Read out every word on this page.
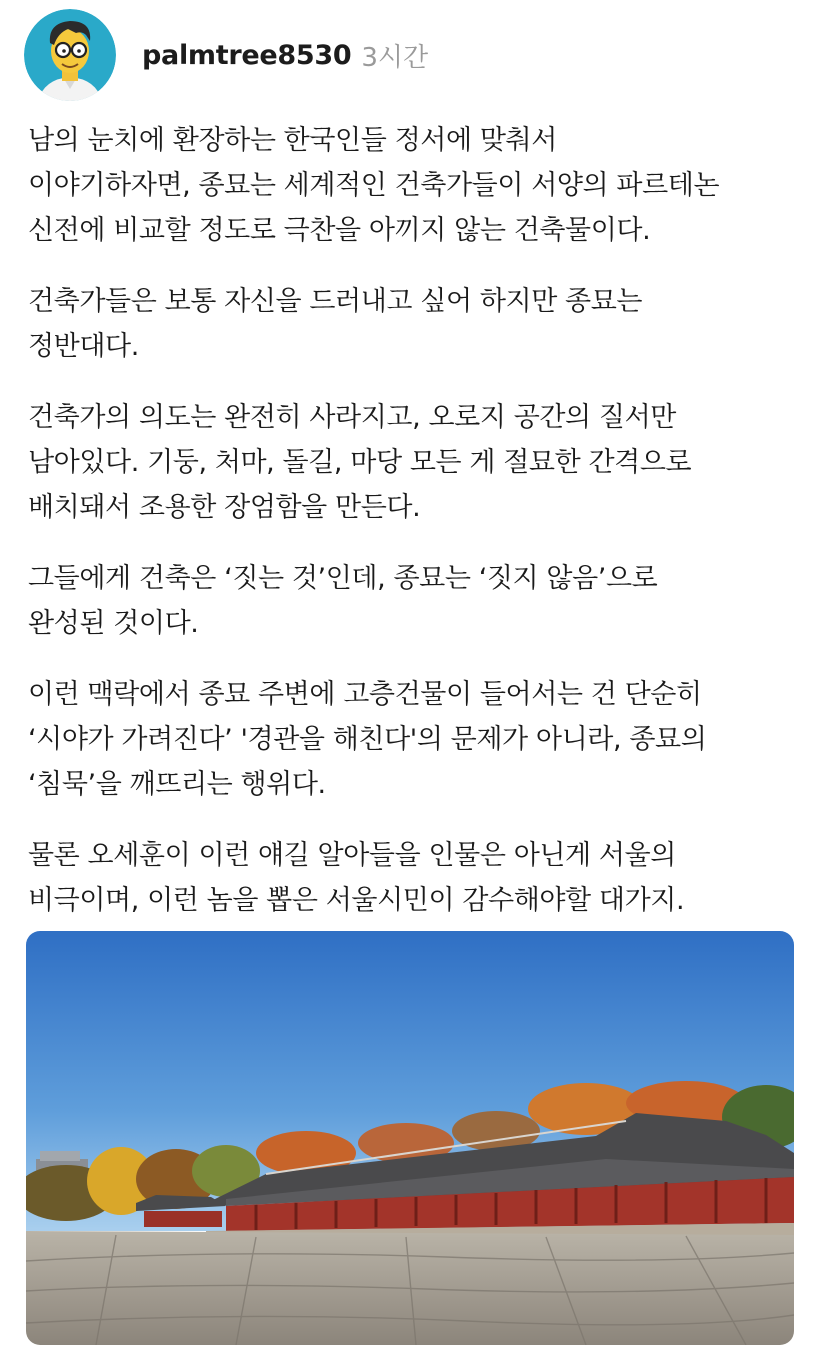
palmtree8530 3시간

남의 눈치에 환장하는 한국인들 정서에 맞춰서
이야기하자면, 종묘는 세계적인 건축가들이 서양의 파르테논
신전에 비교할 정도로 극찬을 아끼지 않는 건축물이다.

건축가들은 보통 자신을 드러내고 싶어 하지만 종묘는
정반대다.

건축가의 의도는 완전히 사라지고, 오로지 공간의 질서만
남아있다. 기둥, 처마, 돌길, 마당 모든 게 절묘한 간격으로
배치돼서 조용한 장엄함을 만든다.

그들에게 건축은 ‘짓는 것’인데, 종묘는 ‘짓지 않음’으로
완성된 것이다.

이런 맥락에서 종묘 주변에 고층건물이 들어서는 건 단순히
‘시야가 가려진다’ '경관을 해친다'의 문제가 아니라, 종묘의
‘침묵’을 깨뜨리는 행위다.

물론 오세훈이 이런 얘길 알아들을 인물은 아닌게 서울의
비극이며, 이런 놈을 뽑은 서울시민이 감수해야할 대가지.
